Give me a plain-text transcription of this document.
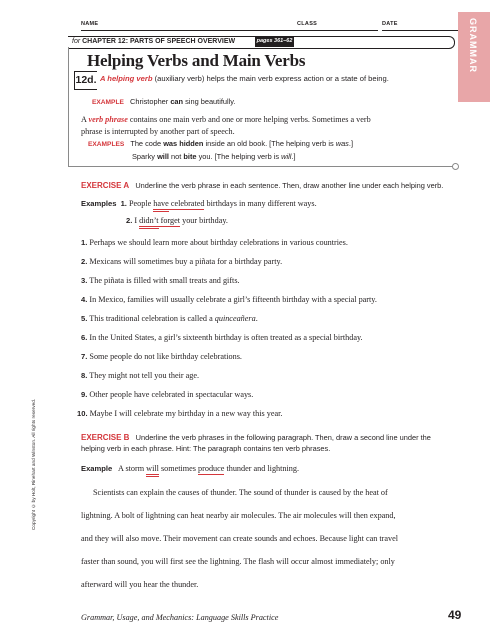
NAME	CLASS	DATE	GRAMMAR
for CHAPTER 12: PARTS OF SPEECH OVERVIEW	pages 361–62
Helping Verbs and Main Verbs
12d. A helping verb (auxiliary verb) helps the main verb express action or a state of being.
EXAMPLE Christopher can sing beautifully.
A verb phrase contains one main verb and one or more helping verbs. Sometimes a verb
phrase is interrupted by another part of speech.
EXAMPLES The code was hidden inside an old book. [The helping verb is was.]
Sparky will not bite you. [The helping verb is will.]
EXERCISE A Underline the verb phrase in each sentence. Then, draw another line under each helping verb.
Examples 1. People have celebrated birthdays in many different ways.
2. I didn’t forget your birthday.
1. Perhaps we should learn more about birthday celebrations in various countries.
2. Mexicans will sometimes buy a piñata for a birthday party.
3. The piñata is filled with small treats and gifts.
4. In Mexico, families will usually celebrate a girl’s fifteenth birthday with a special party.
5. This traditional celebration is called a quinceañera.
6. In the United States, a girl’s sixteenth birthday is often treated as a special birthday.
7. Some people do not like birthday celebrations.
8. They might not tell you their age.
9. Other people have celebrated in spectacular ways.
10. Maybe I will celebrate my birthday in a new way this year.
EXERCISE B Underline the verb phrases in the following paragraph. Then, draw a second line under the
helping verb in each phrase. Hint: The paragraph contains ten verb phrases.
Example A storm will sometimes produce thunder and lightning.
Scientists can explain the causes of thunder. The sound of thunder is caused by the heat of
lightning. A bolt of lightning can heat nearby air molecules. The air molecules will then expand,
and they will also move. Their movement can create sounds and echoes. Because light can travel
faster than sound, you will first see the lightning. The flash will occur almost immediately; only
afterward will you hear the thunder.
Copyright © by Holt, Rinehart and Winston. All rights reserved.
Grammar, Usage, and Mechanics: Language Skills Practice	49
